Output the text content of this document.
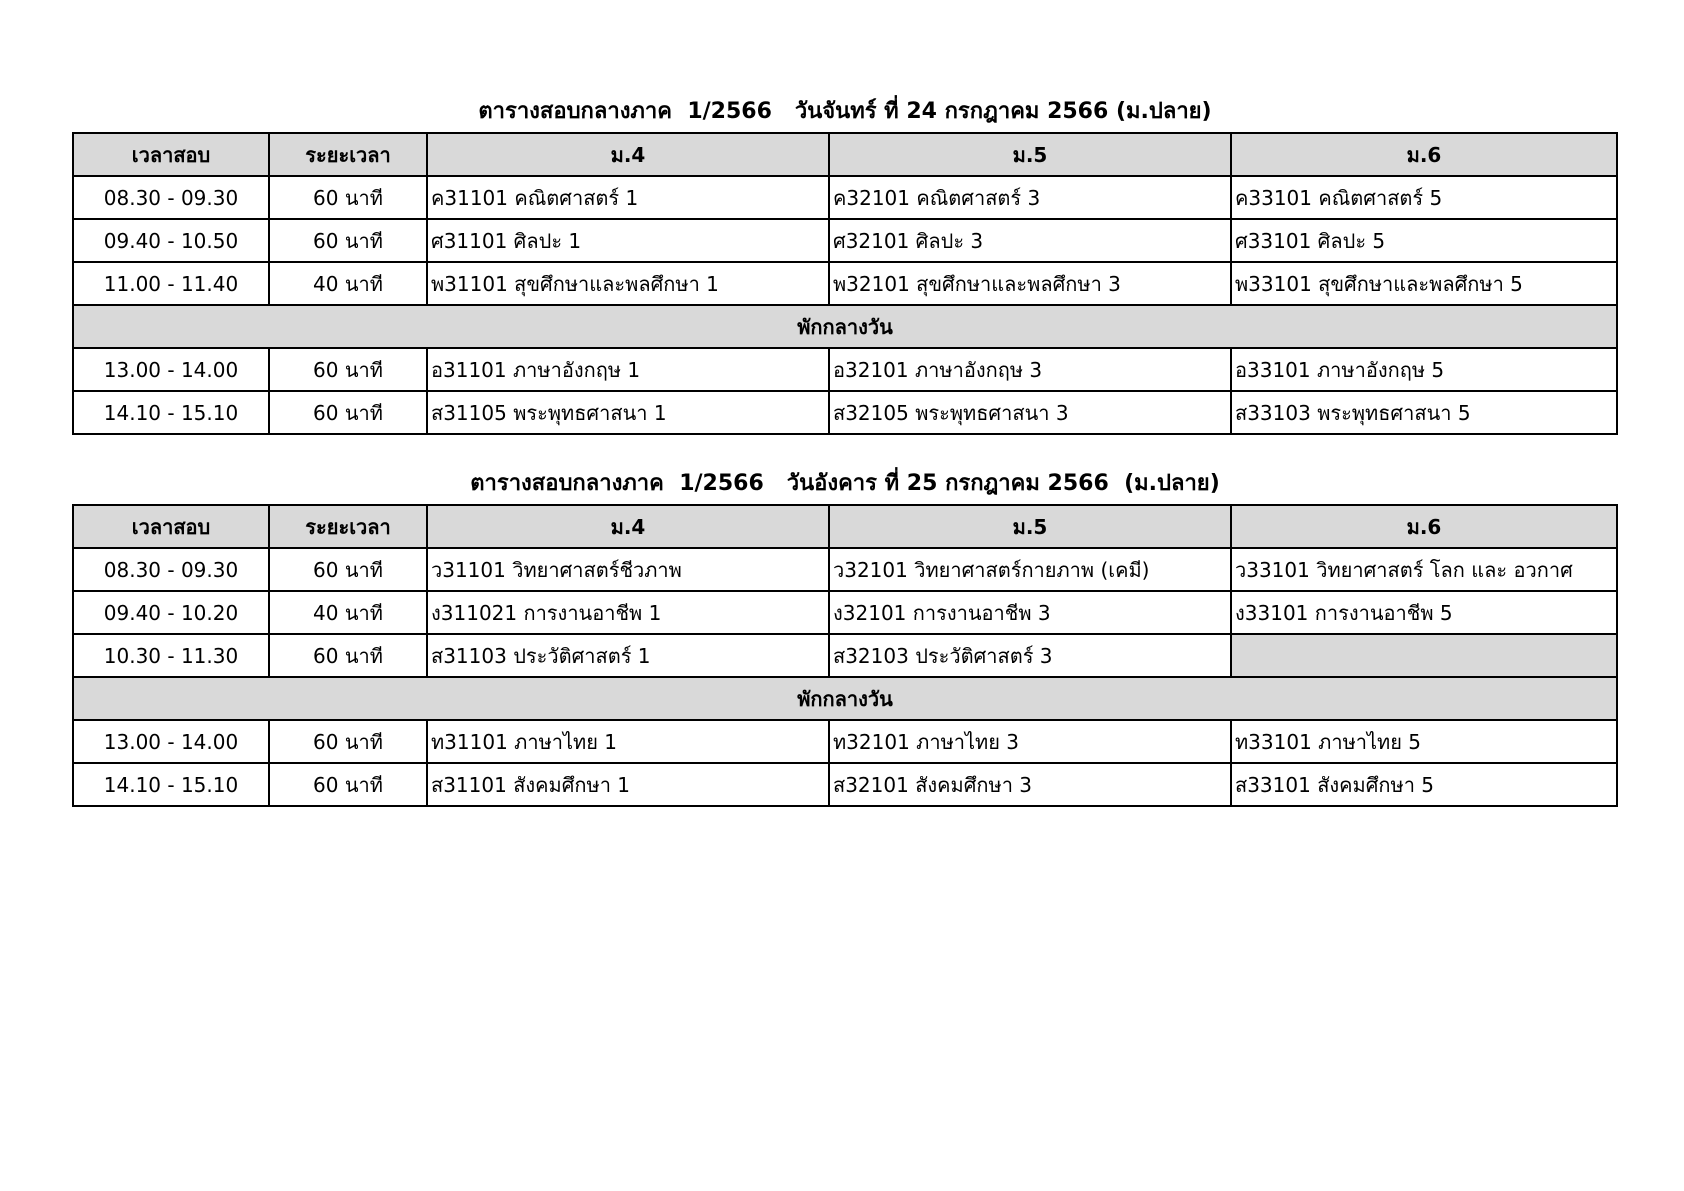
ตารางสอบกลางภาค  1/2566   วันจันทร์ ที่ 24 กรกฎาคม 2566 (ม.ปลาย)
เวลาสอบ	ระยะเวลา	ม.4	ม.5	ม.6
08.30 - 09.30	60 นาที	ค31101 คณิตศาสตร์ 1	ค32101 คณิตศาสตร์ 3	ค33101 คณิตศาสตร์ 5
09.40 - 10.50	60 นาที	ศ31101 ศิลปะ 1	ศ32101 ศิลปะ 3	ศ33101 ศิลปะ 5
11.00 - 11.40	40 นาที	พ31101 สุขศึกษาและพลศึกษา 1	พ32101 สุขศึกษาและพลศึกษา 3	พ33101 สุขศึกษาและพลศึกษา 5
พักกลางวัน				
13.00 - 14.00	60 นาที	อ31101 ภาษาอังกฤษ 1	อ32101 ภาษาอังกฤษ 3	อ33101 ภาษาอังกฤษ 5
14.10 - 15.10	60 นาที	ส31105 พระพุทธศาสนา 1	ส32105 พระพุทธศาสนา 3	ส33103 พระพุทธศาสนา 5
ตารางสอบกลางภาค  1/2566   วันอังคาร ที่ 25 กรกฎาคม 2566  (ม.ปลาย)
เวลาสอบ	ระยะเวลา	ม.4	ม.5	ม.6
08.30 - 09.30	60 นาที	ว31101 วิทยาศาสตร์ชีวภาพ	ว32101 วิทยาศาสตร์กายภาพ (เคมี)	ว33101 วิทยาศาสตร์ โลก และ อวกาศ
09.40 - 10.20	40 นาที	ง311021 การงานอาชีพ 1	ง32101 การงานอาชีพ 3	ง33101 การงานอาชีพ 5
10.30 - 11.30	60 นาที	ส31103 ประวัติศาสตร์ 1	ส32103 ประวัติศาสตร์ 3	
พักกลางวัน				
13.00 - 14.00	60 นาที	ท31101 ภาษาไทย 1	ท32101 ภาษาไทย 3	ท33101 ภาษาไทย 5
14.10 - 15.10	60 นาที	ส31101 สังคมศึกษา 1	ส32101 สังคมศึกษา 3	ส33101 สังคมศึกษา 5
